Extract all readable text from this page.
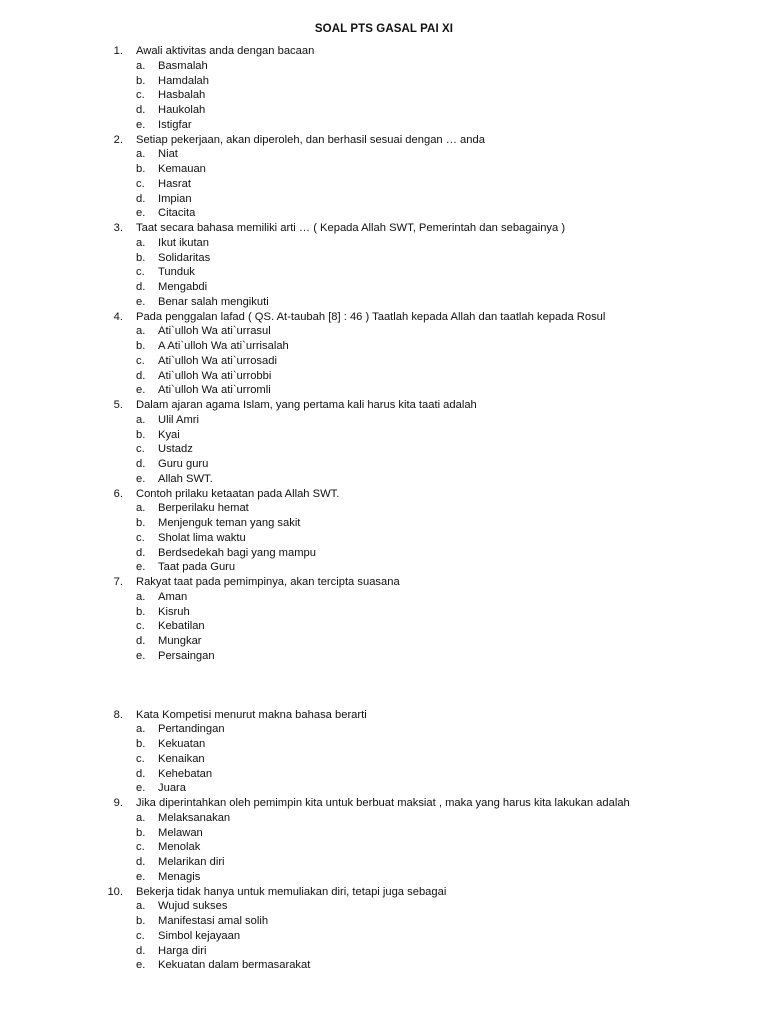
SOAL PTS GASAL PAI XI
1. Awali aktivitas anda dengan bacaan
a. Basmalah
b. Hamdalah
c. Hasbalah
d. Haukolah
e. Istigfar
2. Setiap pekerjaan, akan diperoleh, dan berhasil sesuai dengan … anda
a. Niat
b. Kemauan
c. Hasrat
d. Impian
e. Citacita
3. Taat secara bahasa memiliki arti … ( Kepada Allah SWT, Pemerintah dan sebagainya )
a. Ikut ikutan
b. Solidaritas
c. Tunduk
d. Mengabdi
e. Benar salah mengikuti
4. Pada penggalan lafad ( QS. At-taubah [8] : 46 ) Taatlah kepada Allah dan taatlah kepada Rosul
a. Ati`ulloh Wa ati`urrasul
b. A Ati`ulloh Wa ati`urrisalah
c. Ati`ulloh Wa ati`urrosadi
d. Ati`ulloh Wa ati`urrobbi
e. Ati`ulloh Wa ati`urromli
5. Dalam ajaran agama Islam, yang pertama kali harus kita taati adalah
a. Ulil Amri
b. Kyai
c. Ustadz
d. Guru guru
e. Allah SWT.
6. Contoh prilaku ketaatan pada Allah SWT.
a. Berperilaku hemat
b. Menjenguk teman yang sakit
c. Sholat lima waktu
d. Berdsedekah bagi yang mampu
e. Taat pada Guru
7. Rakyat taat pada pemimpinya, akan tercipta suasana
a. Aman
b. Kisruh
c. Kebatilan
d. Mungkar
e. Persaingan
8. Kata Kompetisi menurut makna bahasa berarti
a. Pertandingan
b. Kekuatan
c. Kenaikan
d. Kehebatan
e. Juara
9. Jika diperintahkan oleh pemimpin kita untuk berbuat maksiat , maka yang harus kita lakukan adalah
a. Melaksanakan
b. Melawan
c. Menolak
d. Melarikan diri
e. Menagis
10. Bekerja tidak hanya untuk memuliakan diri, tetapi juga sebagai
a. Wujud sukses
b. Manifestasi amal solih
c. Simbol kejayaan
d. Harga diri
e. Kekuatan dalam bermasarakat
